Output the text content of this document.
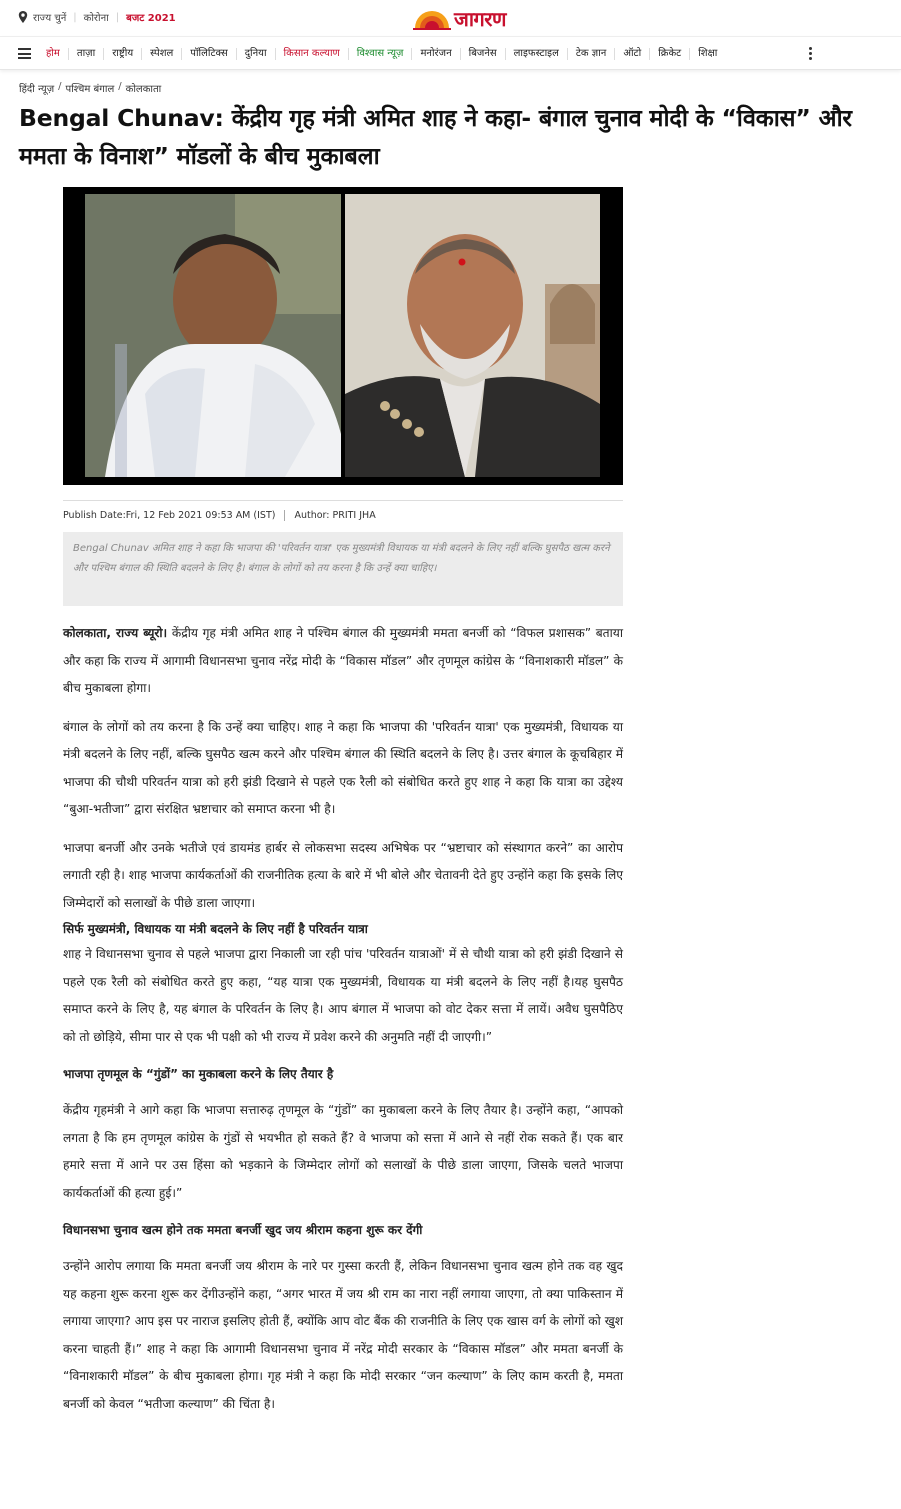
राज्य चुनें | कोरोना | बजट 2021	जागरण
होम	ताज़ा	राष्ट्रीय	स्पेशल	पॉलिटिक्स	दुनिया	किसान कल्याण	विश्वास न्यूज़	मनोरंजन	बिजनेस	लाइफस्टाइल	टेक ज्ञान	ऑटो	क्रिकेट	शिक्षा
हिंदी न्यूज़ / पश्चिम बंगाल / कोलकाता
Bengal Chunav: केंद्रीय गृह मंत्री अमित शाह ने कहा- बंगाल चुनाव मोदी के “विकास” और ममता के विनाश” मॉडलों के बीच मुकाबला
Publish Date:Fri, 12 Feb 2021 09:53 AM (IST) Author: PRITI JHA
Bengal Chunav अमित शाह ने कहा कि भाजपा की 'परिवर्तन यात्रा' एक मुख्यमंत्री विधायक या मंत्री बदलने के लिए नहीं बल्कि घुसपैठ खत्म करने और पश्चिम बंगाल की स्थिति बदलने के लिए है। बंगाल के लोगों को तय करना है कि उन्हें क्या चाहिए।

कोलकाता, राज्य ब्यूरो। केंद्रीय गृह मंत्री अमित शाह ने पश्चिम बंगाल की मुख्यमंत्री ममता बनर्जी को “विफल प्रशासक” बताया और कहा कि राज्य में आगामी विधानसभा चुनाव नरेंद्र मोदी के “विकास मॉडल” और तृणमूल कांग्रेस के “विनाशकारी मॉडल” के बीच मुकाबला होगा।

बंगाल के लोगों को तय करना है कि उन्हें क्या चाहिए। शाह ने कहा कि भाजपा की 'परिवर्तन यात्रा' एक मुख्यमंत्री, विधायक या मंत्री बदलने के लिए नहीं, बल्कि घुसपैठ खत्म करने और पश्चिम बंगाल की स्थिति बदलने के लिए है। उत्तर बंगाल के कूचबिहार में भाजपा की चौथी परिवर्तन यात्रा को हरी झंडी दिखाने से पहले एक रैली को संबोधित करते हुए शाह ने कहा कि यात्रा का उद्देश्य “बुआ-भतीजा” द्वारा संरक्षित भ्रष्टाचार को समाप्त करना भी है।

भाजपा बनर्जी और उनके भतीजे एवं डायमंड हार्बर से लोकसभा सदस्य अभिषेक पर “भ्रष्टाचार को संस्थागत करने” का आरोप लगाती रही है। शाह भाजपा कार्यकर्ताओं की राजनीतिक हत्या के बारे में भी बोले और चेतावनी देते हुए उन्होंने कहा कि इसके लिए जिम्मेदारों को सलाखों के पीछे डाला जाएगा।

सिर्फ मुख्यमंत्री, विधायक या मंत्री बदलने के लिए नहीं है परिवर्तन यात्रा

शाह ने विधानसभा चुनाव से पहले भाजपा द्वारा निकाली जा रही पांच 'परिवर्तन यात्राओं' में से चौथी यात्रा को हरी झंडी दिखाने से पहले एक रैली को संबोधित करते हुए कहा, “यह यात्रा एक मुख्यमंत्री, विधायक या मंत्री बदलने के लिए नहीं है।यह घुसपैठ समाप्त करने के लिए है, यह बंगाल के परिवर्तन के लिए है। आप बंगाल में भाजपा को वोट देकर सत्ता में लायें। अवैध घुसपैठिए को तो छोड़िये, सीमा पार से एक भी पक्षी को भी राज्य में प्रवेश करने की अनुमति नहीं दी जाएगी।”

भाजपा तृणमूल के “गुंडों” का मुकाबला करने के लिए तैयार है

केंद्रीय गृहमंत्री ने आगे कहा कि भाजपा सत्तारुढ़ तृणमूल के “गुंडों” का मुकाबला करने के लिए तैयार है। उन्होंने कहा, “आपको लगता है कि हम तृणमूल कांग्रेस के गुंडों से भयभीत हो सकते हैं? वे भाजपा को सत्ता में आने से नहीं रोक सकते हैं। एक बार हमारे सत्ता में आने पर उस हिंसा को भड़काने के जिम्मेदार लोगों को सलाखों के पीछे डाला जाएगा, जिसके चलते भाजपा कार्यकर्ताओं की हत्या हुई।”

विधानसभा चुनाव खत्म होने तक ममता बनर्जी खुद जय श्रीराम कहना शुरू कर देंगी

उन्होंने आरोप लगाया कि ममता बनर्जी जय श्रीराम के नारे पर गुस्सा करती हैं, लेकिन विधानसभा चुनाव खत्म होने तक वह खुद यह कहना शुरू करना शुरू कर देंगीउन्होंने कहा, “अगर भारत में जय श्री राम का नारा नहीं लगाया जाएगा, तो क्या पाकिस्तान में लगाया जाएगा? आप इस पर नाराज इसलिए होती हैं, क्योंकि आप वोट बैंक की राजनीति के लिए एक खास वर्ग के लोगों को खुश करना चाहती हैं।” शाह ने कहा कि आगामी विधानसभा चुनाव में नरेंद्र मोदी सरकार के “विकास मॉडल” और ममता बनर्जी के “विनाशकारी मॉडल” के बीच मुकाबला होगा। गृह मंत्री ने कहा कि मोदी सरकार “जन कल्याण” के लिए काम करती है, ममता बनर्जी को केवल “भतीजा कल्याण” की चिंता है।
